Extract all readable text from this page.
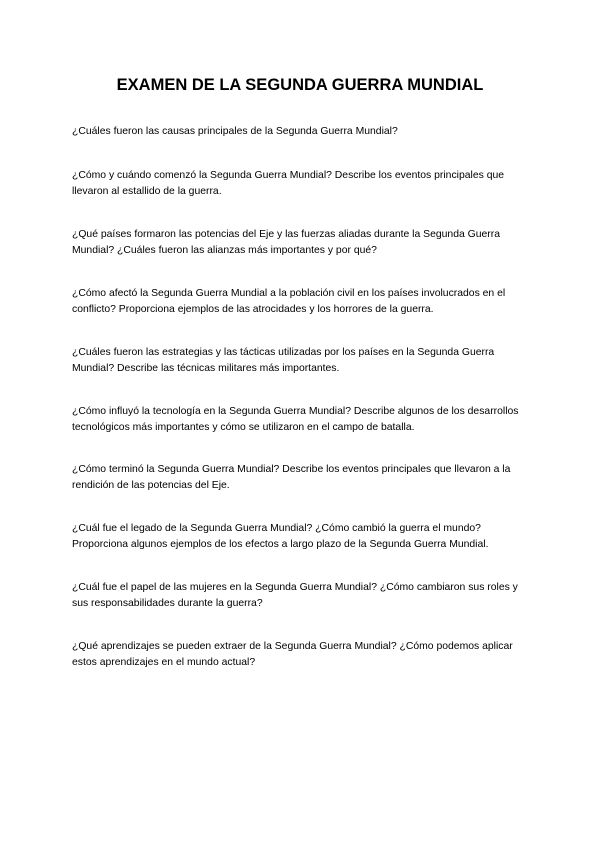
EXAMEN DE LA SEGUNDA GUERRA MUNDIAL

¿Cuáles fueron las causas principales de la Segunda Guerra Mundial?

¿Cómo y cuándo comenzó la Segunda Guerra Mundial? Describe los eventos principales que llevaron al estallido de la guerra.

¿Qué países formaron las potencias del Eje y las fuerzas aliadas durante la Segunda Guerra Mundial? ¿Cuáles fueron las alianzas más importantes y por qué?

¿Cómo afectó la Segunda Guerra Mundial a la población civil en los países involucrados en el conflicto? Proporciona ejemplos de las atrocidades y los horrores de la guerra.

¿Cuáles fueron las estrategias y las tácticas utilizadas por los países en la Segunda Guerra Mundial? Describe las técnicas militares más importantes.

¿Cómo influyó la tecnología en la Segunda Guerra Mundial? Describe algunos de los desarrollos tecnológicos más importantes y cómo se utilizaron en el campo de batalla.

¿Cómo terminó la Segunda Guerra Mundial? Describe los eventos principales que llevaron a la rendición de las potencias del Eje.

¿Cuál fue el legado de la Segunda Guerra Mundial? ¿Cómo cambió la guerra el mundo? Proporciona algunos ejemplos de los efectos a largo plazo de la Segunda Guerra Mundial.

¿Cuál fue el papel de las mujeres en la Segunda Guerra Mundial? ¿Cómo cambiaron sus roles y sus responsabilidades durante la guerra?

¿Qué aprendizajes se pueden extraer de la Segunda Guerra Mundial? ¿Cómo podemos aplicar estos aprendizajes en el mundo actual?
